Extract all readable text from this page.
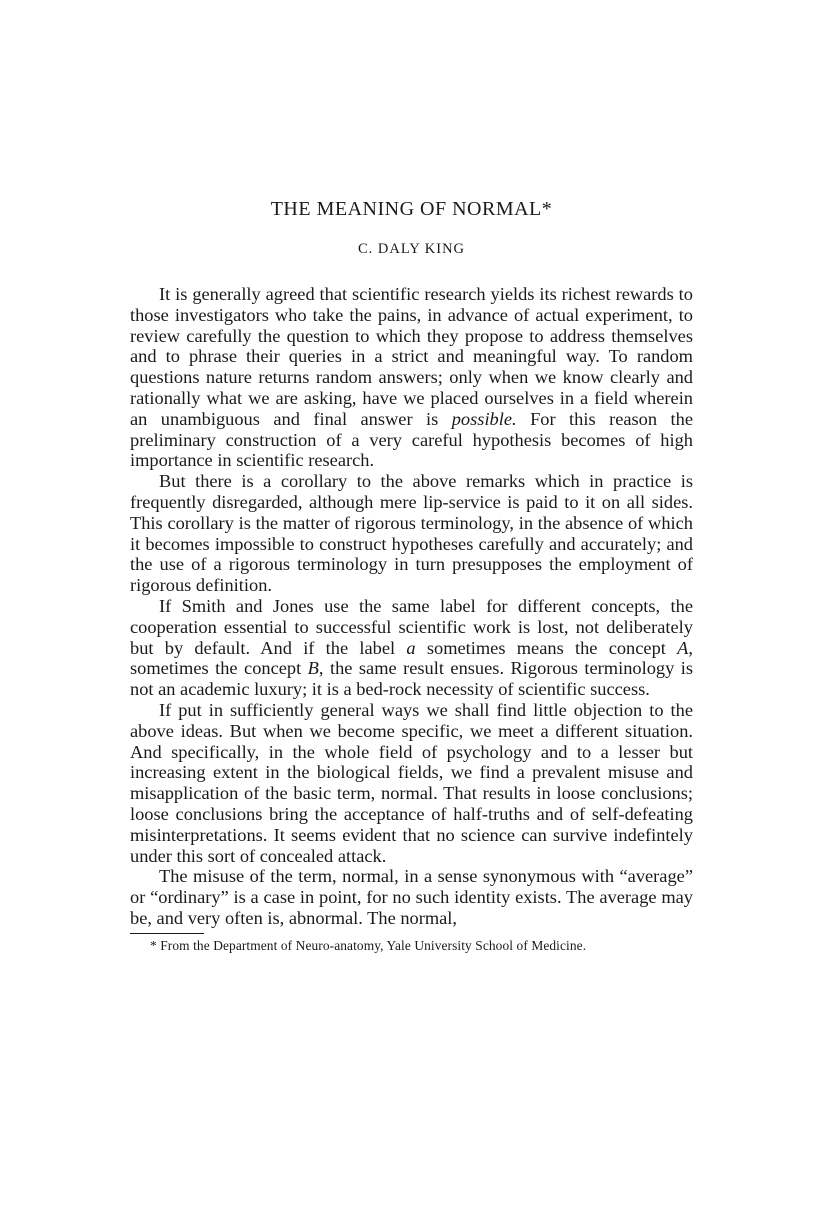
THE MEANING OF NORMAL*
C. DALY KING

It is generally agreed that scientific research yields its richest rewards to those investigators who take the pains, in advance of actual experiment, to review carefully the question to which they propose to address themselves and to phrase their queries in a strict and meaningful way. To random questions nature returns random answers; only when we know clearly and rationally what we are asking, have we placed ourselves in a field wherein an unambiguous and final answer is possible. For this reason the preliminary construction of a very careful hypothesis becomes of high importance in scientific research.

But there is a corollary to the above remarks which in practice is frequently disregarded, although mere lip-service is paid to it on all sides. This corollary is the matter of rigorous terminology, in the absence of which it becomes impossible to construct hypotheses carefully and accurately; and the use of a rigorous terminology in turn presupposes the employment of rigorous definition.

If Smith and Jones use the same label for different concepts, the cooperation essential to successful scientific work is lost, not deliberately but by default. And if the label a sometimes means the concept A, sometimes the concept B, the same result ensues. Rigorous terminology is not an academic luxury; it is a bed-rock necessity of scientific success.

If put in sufficiently general ways we shall find little objection to the above ideas. But when we become specific, we meet a different situation. And specifically, in the whole field of psychology and to a lesser but increasing extent in the biological fields, we find a prevalent misuse and misapplication of the basic term, normal. That results in loose conclusions; loose conclusions bring the acceptance of half-truths and of self-defeating misinterpretations. It seems evident that no science can survive indefintely under this sort of concealed attack.

The misuse of the term, normal, in a sense synonymous with “average” or “ordinary” is a case in point, for no such identity exists. The average may be, and very often is, abnormal. The normal,

* From the Department of Neuro-anatomy, Yale University School of Medicine.
